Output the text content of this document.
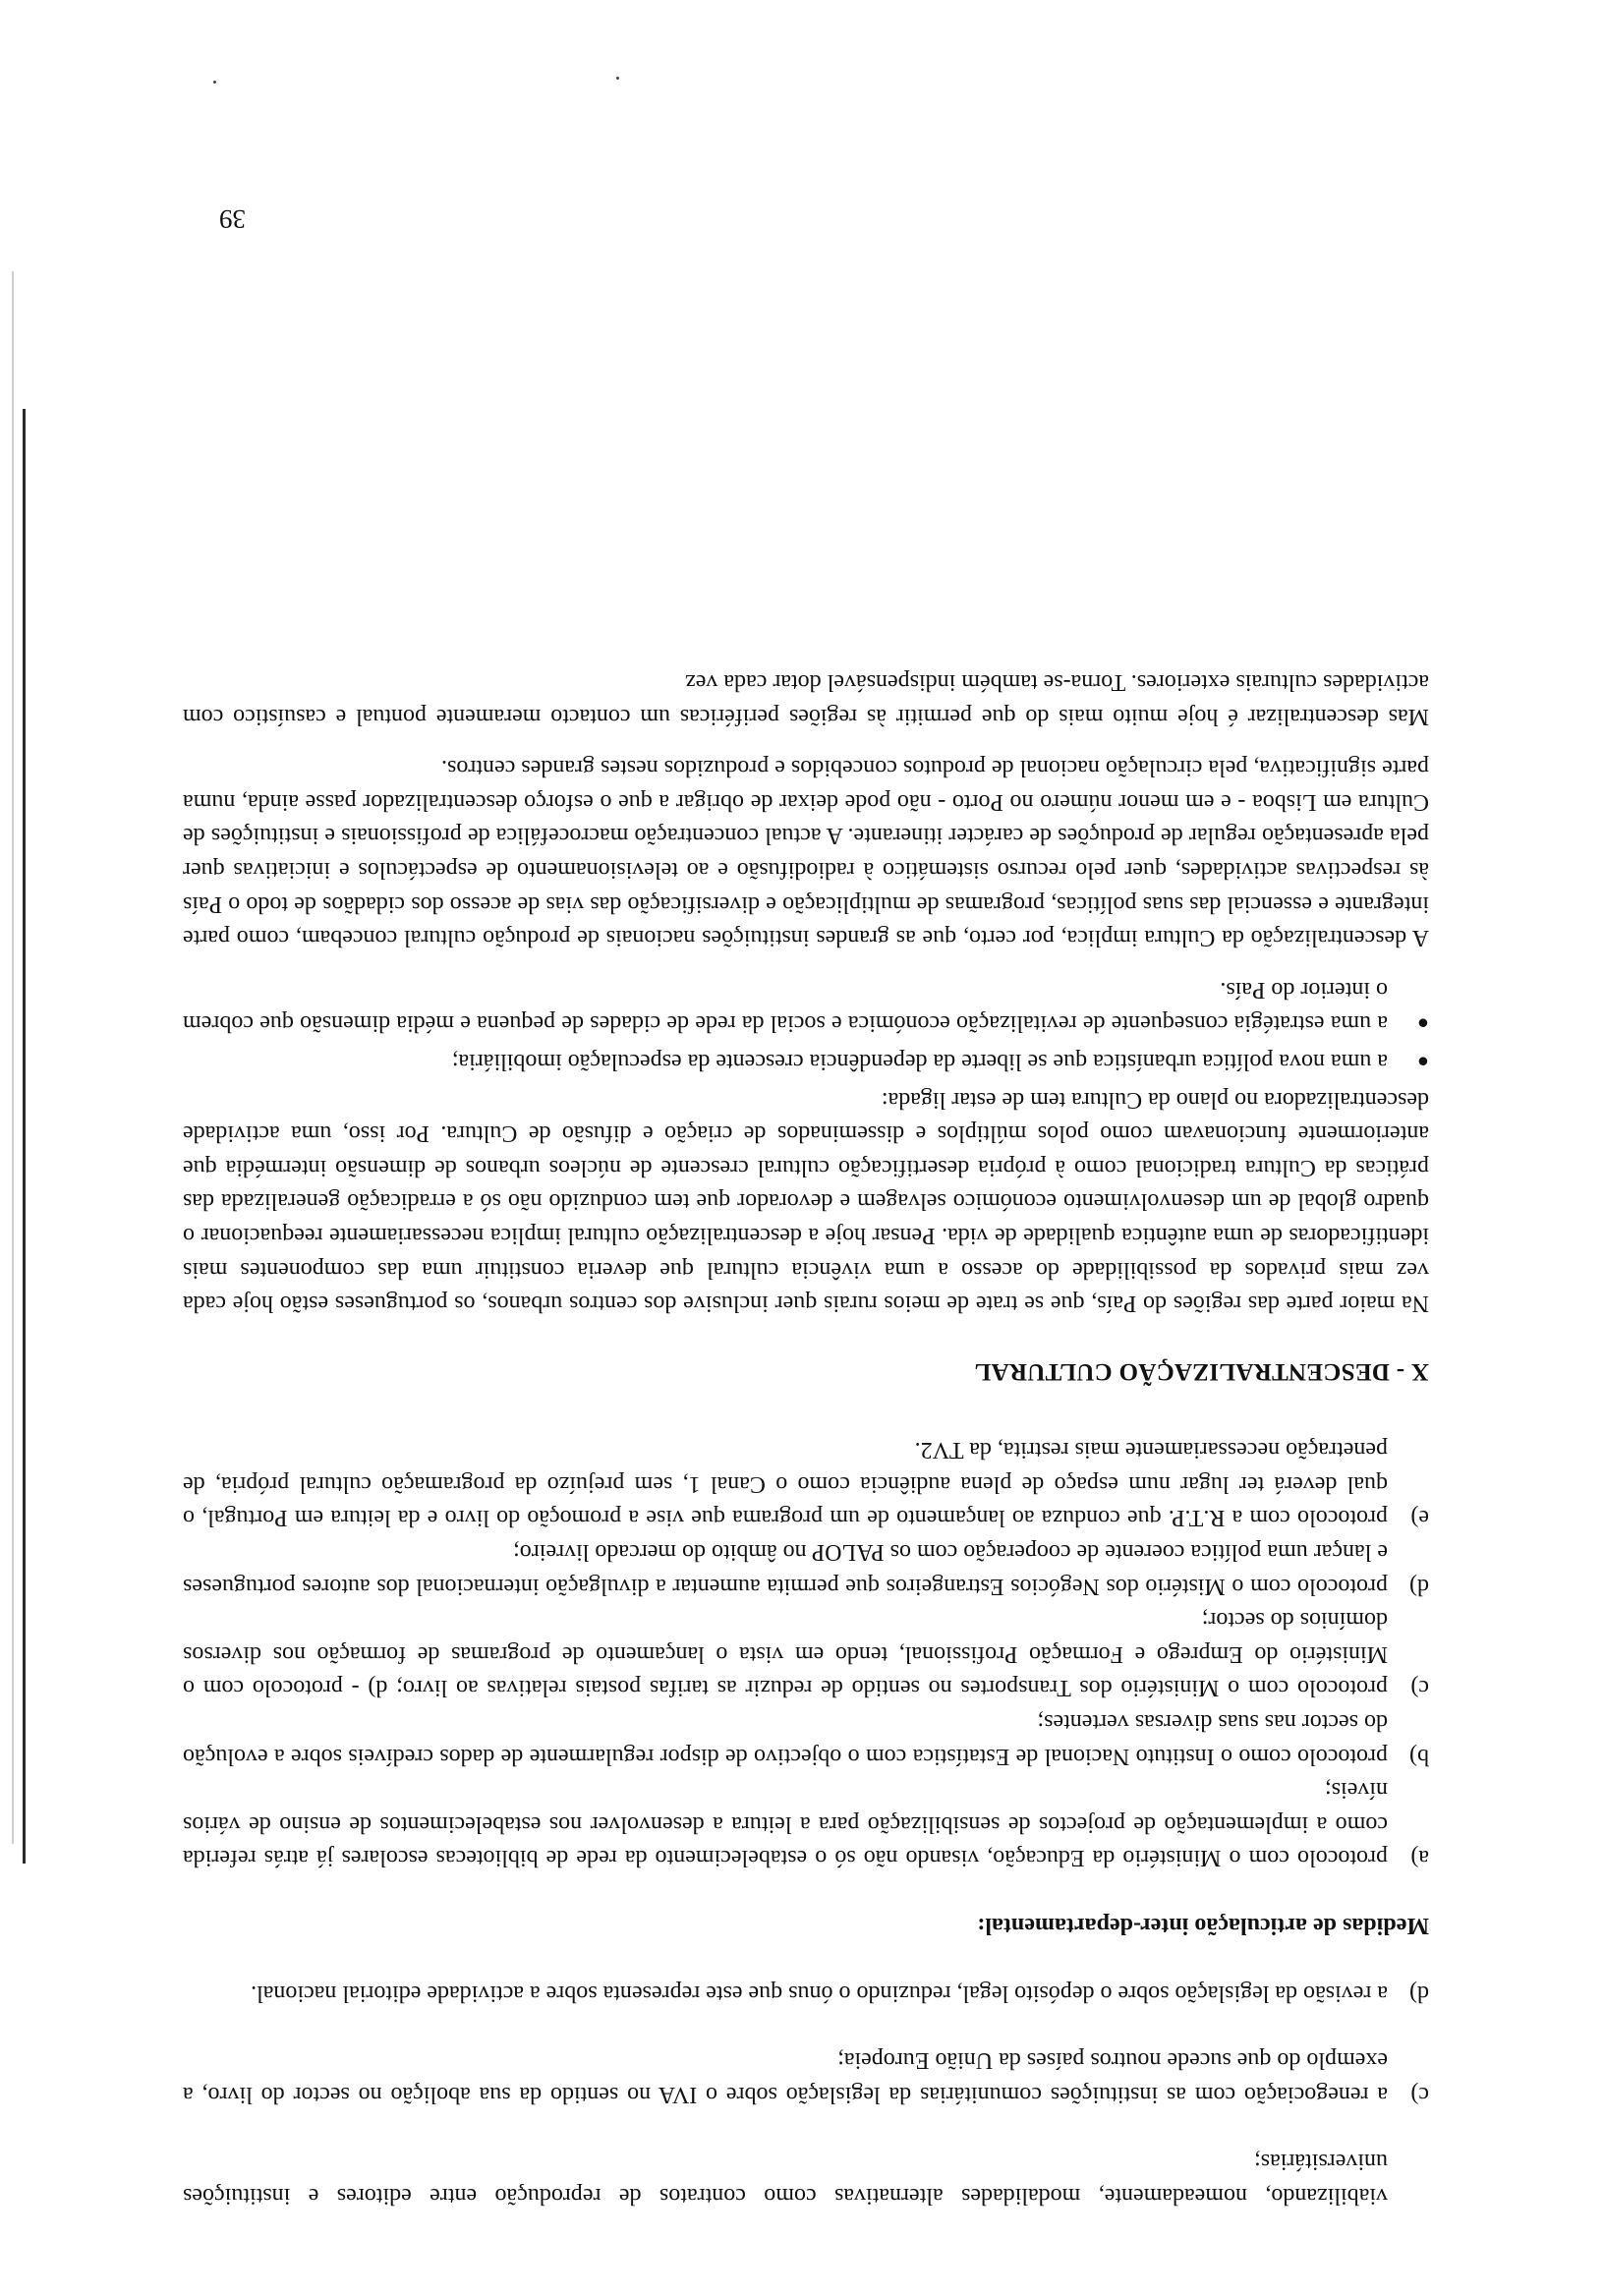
viabilizando, nomeadamente, modalidades alternativas como contratos de reprodução entre editores e instituições universitárias;

c)
a renegociação com as instituições comunitárias da legislação sobre o IVA no sentido da sua abolição no sector do livro, a exemplo do que sucede noutros países da União Europeia;
d)
a revisão da legislação sobre o depósito legal, reduzindo o ónus que este representa sobre a actividade editorial nacional.

Medidas de articulação inter-departamental:

a)
protocolo com o Ministério da Educação, visando não só o estabelecimento da rede de bibliotecas escolares já atrás referida como a implementação de projectos de sensibilização para a leitura a desenvolver nos estabelecimentos de ensino de vários níveis;
b)
protocolo como o Instituto Nacional de Estatística com o objectivo de dispor regularmente de dados credíveis sobre a evolução do sector nas suas diversas vertentes;
c)
protocolo com o Ministério dos Transportes no sentido de reduzir as tarifas postais relativas ao livro; d) - protocolo com o Ministério do Emprego e Formação Profissional, tendo em vista o lançamento de programas de formação nos diversos domínios do sector;
d)
protocolo com o Mistério dos Negócios Estrangeiros que permita aumentar a divulgação internacional dos autores portugueses e lançar uma política coerente de cooperação com os PALOP no âmbito do mercado livreiro;
e)
protocolo com a R.T.P. que conduza ao lançamento de um programa que vise a promoção do livro e da leitura em Portugal, o qual deverá ter lugar num espaço de plena audiência como o Canal 1, sem prejuízo da programação cultural própria, de penetração necessariamente mais restrita, da TV2.

X - DESCENTRALIZAÇÃO CULTURAL

Na maior parte das regiões do País, que se trate de meios rurais quer inclusive dos centros urbanos, os portugueses estão hoje cada vez mais privados da possibilidade do acesso a uma vivência cultural que deveria constituir uma das componentes mais identificadoras de uma autêntica qualidade de vida. Pensar hoje a descentralização cultural implica necessariamente reequacionar o quadro global de um desenvolvimento económico selvagem e devorador que tem conduzido não só a erradicação generalizada das práticas da Cultura tradicional como à própria desertificação cultural crescente de núcleos urbanos de dimensão intermédia que anteriormente funcionavam como polos múltiplos e disseminados de criação e difusão de Cultura. Por isso, uma actividade descentralizadora no plano da Cultura tem de estar ligada:

●
a uma nova política urbanística que se liberte da dependência crescente da especulação imobiliária;
●
a uma estratégia consequente de revitalização económica e social da rede de cidades de pequena e média dimensão que cobrem o interior do País.

A descentralização da Cultura implica, por certo, que as grandes instituições nacionais de produção cultural concebam, como parte integrante e essencial das suas políticas, programas de multiplicação e diversificação das vias de acesso dos cidadãos de todo o País às respectivas actividades, quer pelo recurso sistemático à radiodifusão e ao televisionamento de espectáculos e iniciativas quer pela apresentação regular de produções de carácter itinerante. A actual concentração macrocefálica de profissionais e instituições de Cultura em Lisboa - e em menor número no Porto - não pode deixar de obrigar a que o esforço descentralizador passe ainda, numa parte significativa, pela circulação nacional de produtos concebidos e produzidos nestes grandes centros.

Mas descentralizar é hoje muito mais do que permitir às regiões periféricas um contacto meramente pontual e casuístico com actividades culturais exteriores. Torna-se também indispensável dotar cada vez

39
